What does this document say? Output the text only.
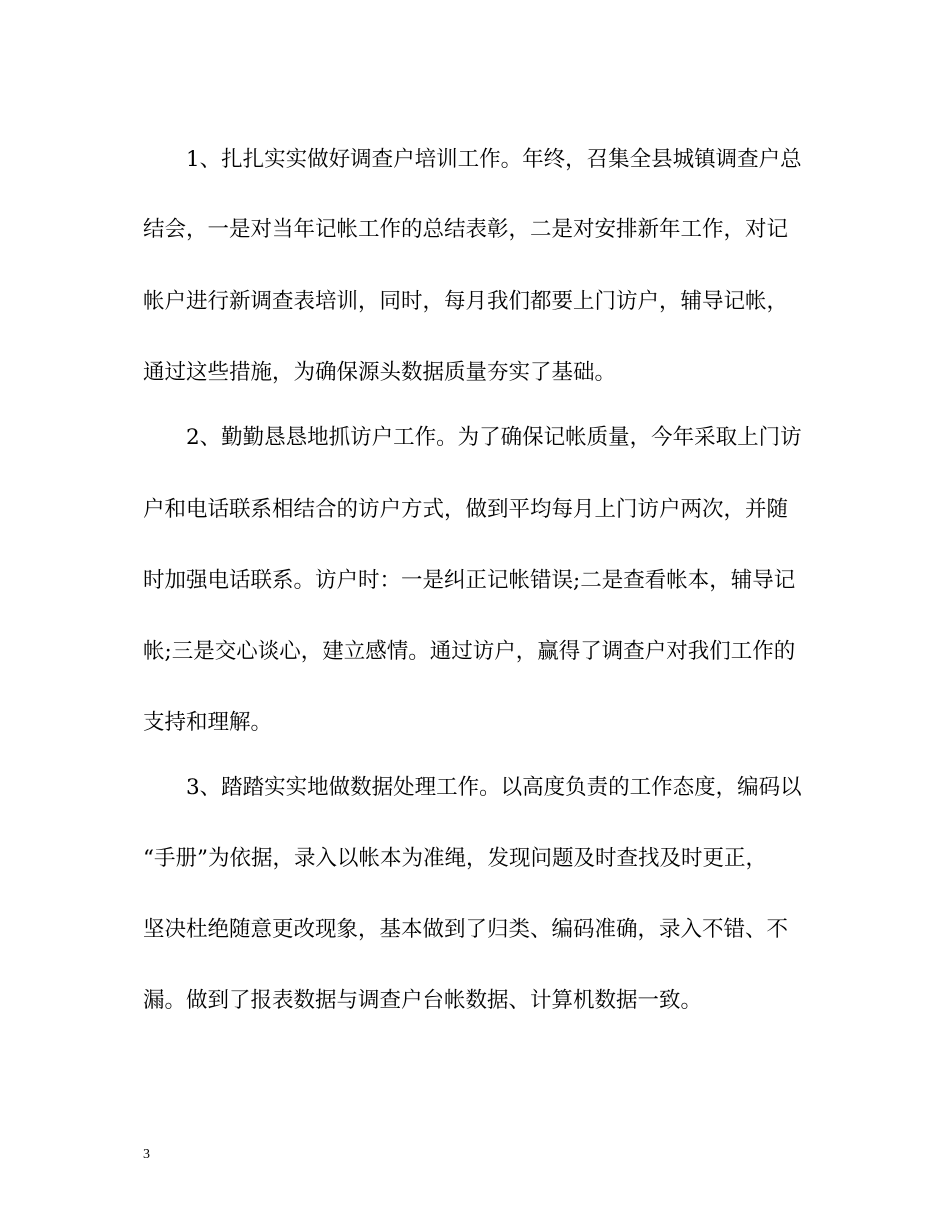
1、扎扎实实做好调查户培训工作。年终，召集全县城镇调查户总
结会，一是对当年记帐工作的总结表彰，二是对安排新年工作，对记
帐户进行新调查表培训，同时，每月我们都要上门访户，辅导记帐，
通过这些措施，为确保源头数据质量夯实了基础。
2、勤勤恳恳地抓访户工作。为了确保记帐质量，今年采取上门访
户和电话联系相结合的访户方式，做到平均每月上门访户两次，并随
时加强电话联系。访户时：一是纠正记帐错误;二是查看帐本，辅导记
帐;三是交心谈心，建立感情。通过访户，赢得了调查户对我们工作的
支持和理解。
3、踏踏实实地做数据处理工作。以高度负责的工作态度，编码以
“手册”为依据，录入以帐本为准绳，发现问题及时查找及时更正，
坚决杜绝随意更改现象，基本做到了归类、编码准确，录入不错、不
漏。做到了报表数据与调查户台帐数据、计算机数据一致。
3
